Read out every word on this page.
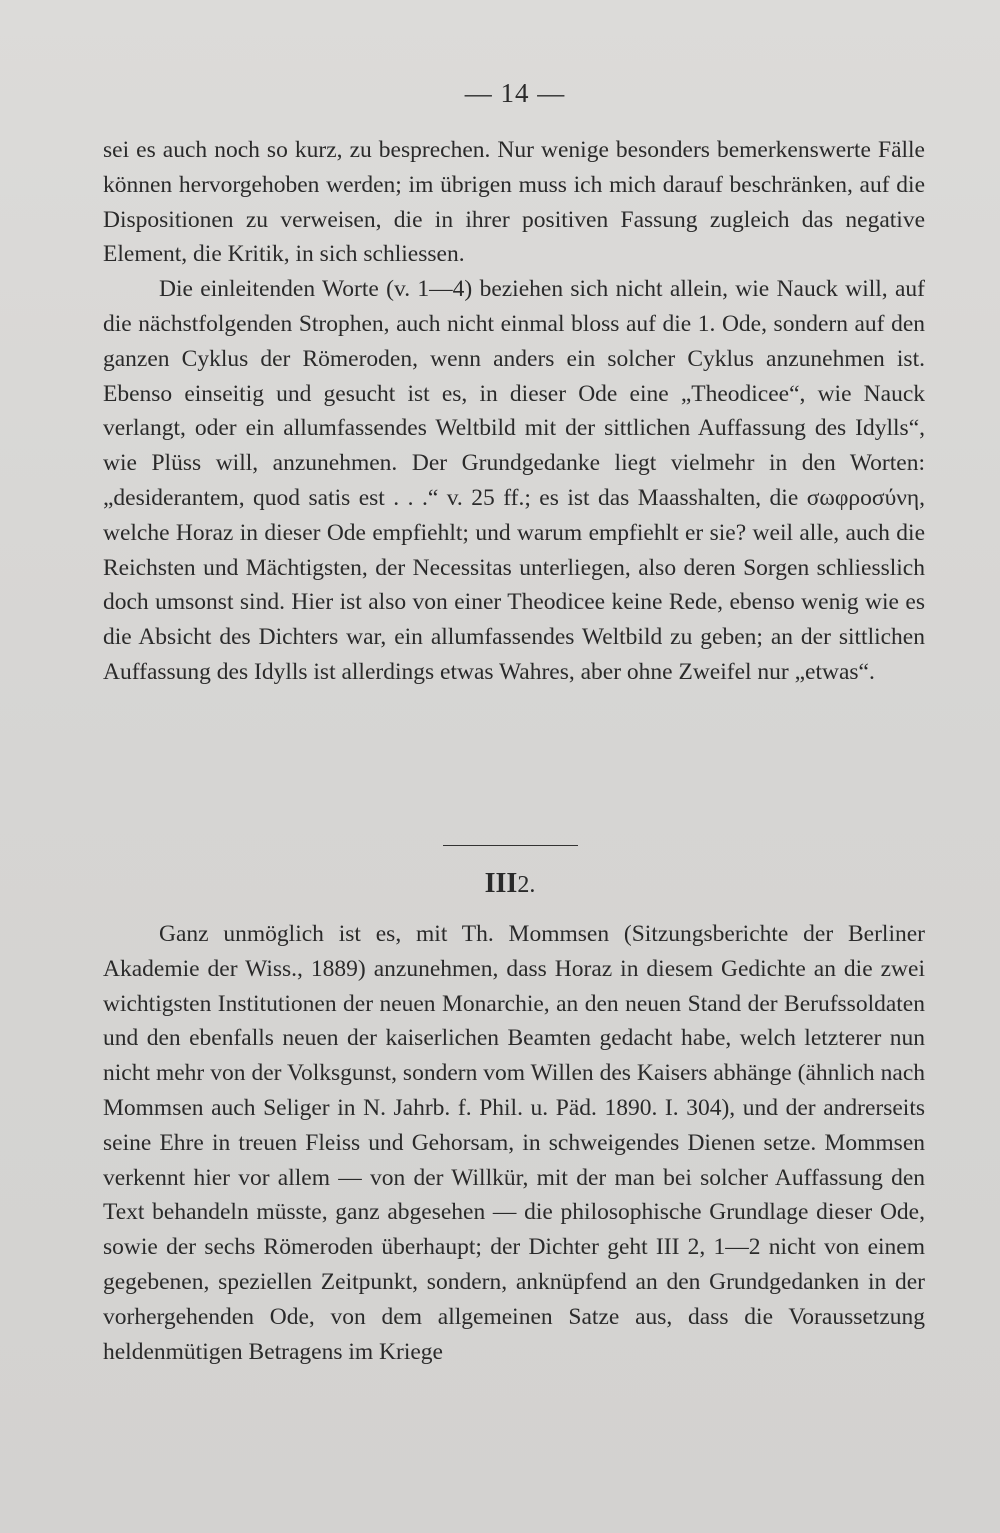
— 14 —

sei es auch noch so kurz, zu besprechen. Nur wenige besonders bemerkenswerte Fälle können hervorgehoben werden; im übrigen muss ich mich darauf beschränken, auf die Dispositionen zu verweisen, die in ihrer positiven Fassung zugleich das negative Element, die Kritik, in sich schliessen.

Die einleitenden Worte (v. 1—4) beziehen sich nicht allein, wie Nauck will, auf die nächstfolgenden Strophen, auch nicht einmal bloss auf die 1. Ode, sondern auf den ganzen Cyklus der Römeroden, wenn anders ein solcher Cyklus anzunehmen ist. Ebenso einseitig und gesucht ist es, in dieser Ode eine „Theodicee“, wie Nauck verlangt, oder ein allumfassendes Weltbild mit der sittlichen Auffassung des Idylls“, wie Plüss will, anzunehmen. Der Grundgedanke liegt vielmehr in den Worten: „desiderantem, quod satis est . . .“ v. 25 ff.; es ist das Maasshalten, die σωφροσύνη, welche Horaz in dieser Ode empfiehlt; und warum empfiehlt er sie? weil alle, auch die Reichsten und Mächtigsten, der Necessitas unterliegen, also deren Sorgen schliesslich doch umsonst sind. Hier ist also von einer Theodicee keine Rede, ebenso wenig wie es die Absicht des Dichters war, ein allumfassendes Weltbild zu geben; an der sittlichen Auffassung des Idylls ist allerdings etwas Wahres, aber ohne Zweifel nur „etwas“.

III2.

Ganz unmöglich ist es, mit Th. Mommsen (Sitzungsberichte der Berliner Akademie der Wiss., 1889) anzunehmen, dass Horaz in diesem Gedichte an die zwei wichtigsten Institutionen der neuen Monarchie, an den neuen Stand der Berufssoldaten und den ebenfalls neuen der kaiserlichen Beamten gedacht habe, welch letzterer nun nicht mehr von der Volksgunst, sondern vom Willen des Kaisers abhänge (ähnlich nach Mommsen auch Seliger in N. Jahrb. f. Phil. u. Päd. 1890. I. 304), und der andrerseits seine Ehre in treuen Fleiss und Gehorsam, in schweigendes Dienen setze. Mommsen verkennt hier vor allem — von der Willkür, mit der man bei solcher Auffassung den Text behandeln müsste, ganz abgesehen — die philosophische Grundlage dieser Ode, sowie der sechs Römeroden überhaupt; der Dichter geht III 2, 1—2 nicht von einem gegebenen, speziellen Zeitpunkt, sondern, anknüpfend an den Grundgedanken in der vorhergehenden Ode, von dem allgemeinen Satze aus, dass die Voraussetzung heldenmütigen Betragens im Kriege
